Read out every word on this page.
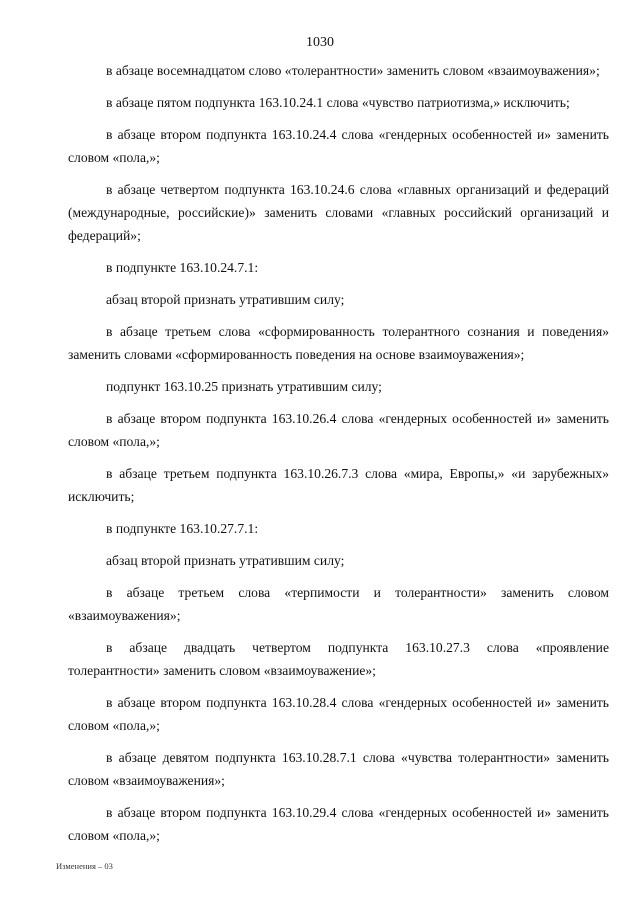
1030

в абзаце восемнадцатом слово «толерантности» заменить словом «взаимоуважения»;

в абзаце пятом подпункта 163.10.24.1 слова «чувство патриотизма,» исключить;

в абзаце втором подпункта 163.10.24.4 слова «гендерных особенностей и» заменить словом «пола,»;

в абзаце четвертом подпункта 163.10.24.6 слова «главных организаций и федераций (международные, российские)» заменить словами «главных российский организаций и федераций»;

в подпункте 163.10.24.7.1:

абзац второй признать утратившим силу;

в абзаце третьем слова «сформированность толерантного сознания и поведения» заменить словами «сформированность поведения на основе взаимоуважения»;

подпункт 163.10.25 признать утратившим силу;

в абзаце втором подпункта 163.10.26.4 слова «гендерных особенностей и» заменить словом «пола,»;

в абзаце третьем подпункта 163.10.26.7.3 слова «мира, Европы,» «и зарубежных» исключить;

в подпункте 163.10.27.7.1:

абзац второй признать утратившим силу;

в абзаце третьем слова «терпимости и толерантности» заменить словом «взаимоуважения»;

в абзаце двадцать четвертом подпункта 163.10.27.3 слова «проявление толерантности» заменить словом «взаимоуважение»;

в абзаце втором подпункта 163.10.28.4 слова «гендерных особенностей и» заменить словом «пола,»;

в абзаце девятом подпункта 163.10.28.7.1 слова «чувства толерантности» заменить словом «взаимоуважения»;

в абзаце втором подпункта 163.10.29.4 слова «гендерных особенностей и» заменить словом «пола,»;

Изменения – 03
